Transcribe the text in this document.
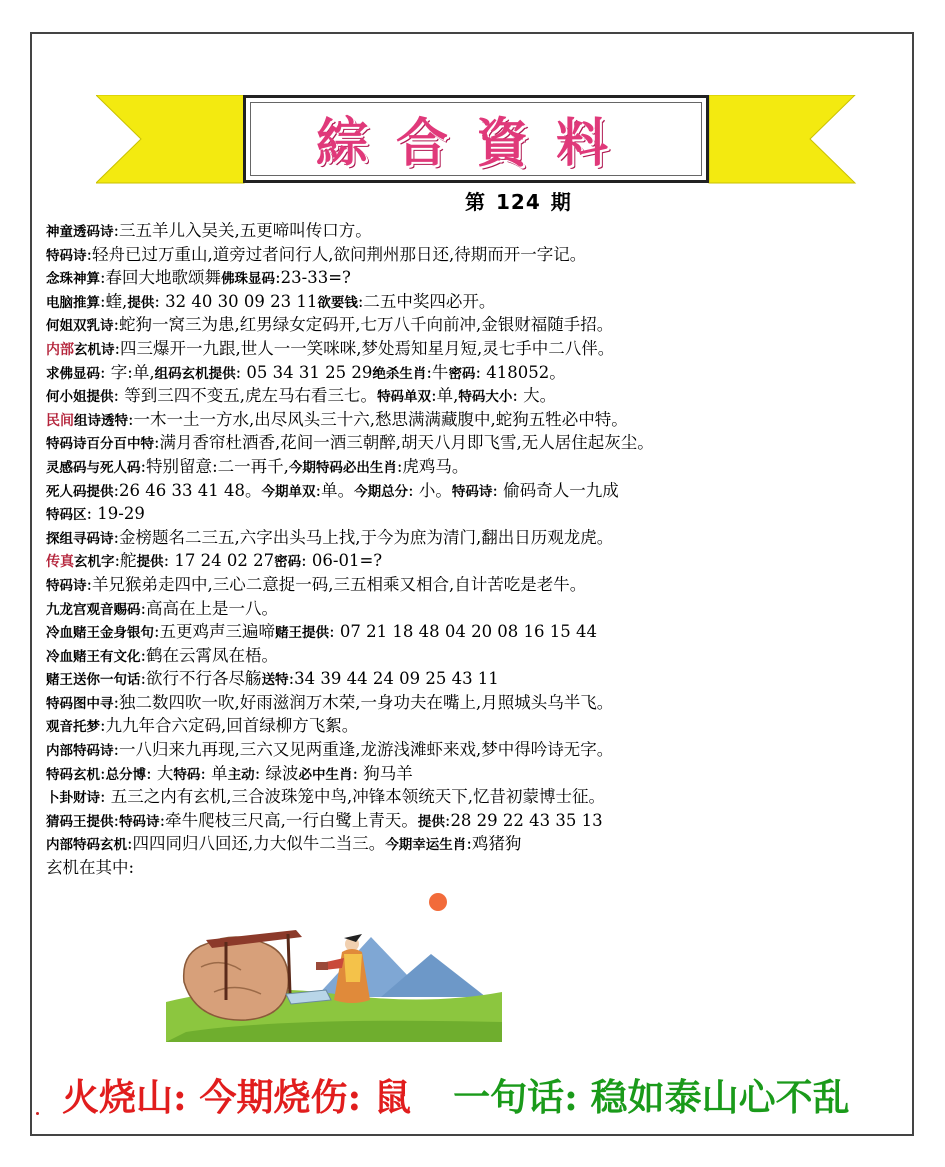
綜合資料
第 124 期
神童透码诗:三五羊儿入吴关,五更啼叫传口方。
特码诗:轻舟已过万重山,道旁过者问行人,欲问荆州那日还,待期而开一字记。
念珠神算:春回大地歌颂舞佛珠显码:23-33=?
电脑推算:蝰,提供: 32 40 30 09 23 11欲要钱:二五中奖四必开。
何姐双乳诗:蛇狗一窝三为患,红男绿女定码开,七万八千向前冲,金银财福随手招。
内部玄机诗:四三爆开一九跟,世人一一笑咪咪,梦处焉知星月短,灵七手中二八伴。
求佛显码: 字:单,组码玄机提供: 05 34 31 25 29绝杀生肖:牛密码: 418052。
何小姐提供: 等到三四不变五,虎左马右看三七。特码单双:单,特码大小: 大。
民间组诗透特:一木一土一方水,出尽风头三十六,愁思满满藏腹中,蛇狗五牲必中特。
特码诗百分百中特:满月香帘杜酒香,花间一酒三朝醉,胡天八月即飞雪,无人居住起灰尘。
灵感码与死人码:特别留意:二一再千,今期特码必出生肖:虎鸡马。
死人码提供:26 46 33 41 48。今期单双:单。今期总分: 小。特码诗: 偷码奇人一九成
特码区: 19-29
探组寻码诗:金榜题名二三五,六字出头马上找,于今为庶为清门,翻出日历观龙虎。
传真玄机字:舵提供: 17 24 02 27密码: 06-01=?
特码诗:羊兄猴弟走四中,三心二意捉一码,三五相乘又相合,自计苦吃是老牛。
九龙宫观音赐码:高高在上是一八。
冷血赌王金身银句:五更鸡声三遍啼赌王提供: 07 21 18 48 04 20 08 16 15 44
冷血赌王有文化:鹤在云霄凤在梧。
赌王送你一句话:欲行不行各尽觞送特:34 39 44 24 09 25 43 11
特码图中寻:独二数四吹一吹,好雨滋润万木荣,一身功夫在嘴上,月照城头乌半飞。
观音托梦:九九年合六定码,回首绿柳方飞絮。
内部特码诗:一八归来九再现,三六又见两重逢,龙游浅滩虾来戏,梦中得吟诗无字。
特码玄机:总分博: 大特码: 单主动: 绿波必中生肖: 狗马羊
卜卦财诗: 五三之内有玄机,三合波珠笼中鸟,冲锋本领统天下,忆昔初蒙博士征。
猜码王提供:特码诗:牵牛爬枝三尺高,一行白鹭上青天。提供:28 29 22 43 35 13
内部特码玄机:四四同归八回还,力大似牛二当三。今期幸运生肖:鸡猪狗
玄机在其中:
火烧山: 今期烧伤: 鼠 一句话: 稳如泰山心不乱
